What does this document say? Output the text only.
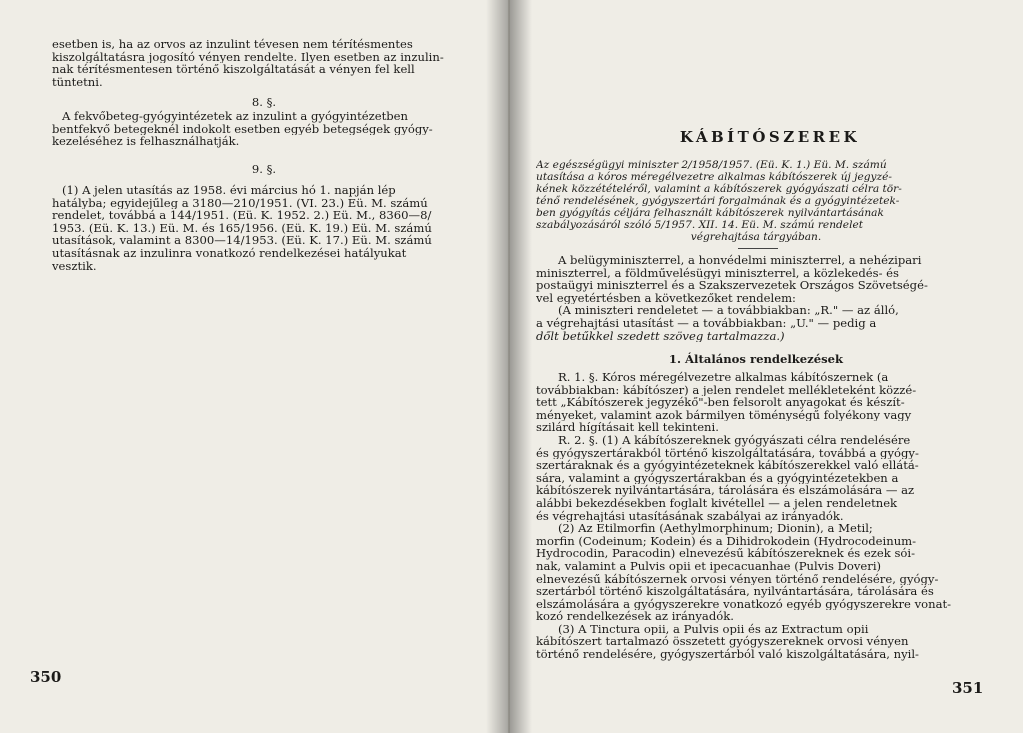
esetben is, ha az orvos az inzulint tévesen nem térítésmentes
kiszolgáltatásra jogosító vényen rendelte. Ilyen esetben az inzulin-
nak térítésmentesen történő kiszolgáltatását a vényen fel kell
tüntetni.
8. §.
A fekvőbeteg-gyógyintézetek az inzulint a gyógyintézetben
bentfekvő betegeknél indokolt esetben egyéb betegségek gyógy-
kezeléséhez is felhasználhatják.
9. §.
(1) A jelen utasítás az 1958. évi március hó 1. napján lép
hatályba; egyidejűleg a 3180—210/1951. (VI. 23.) Eü. M. számú
rendelet, továbbá a 144/1951. (Eü. K. 1952. 2.) Eü. M., 8360—8/
1953. (Eü. K. 13.) Eü. M. és 165/1956. (Eü. K. 19.) Eü. M. számú
utasítások, valamint a 8300—14/1953. (Eü. K. 17.) Eü. M. számú
utasításnak az inzulinra vonatkozó rendelkezései hatályukat
vesztik.
350
KÁBÍTÓSZEREK
Az egészségügyi miniszter 2/1958/1957. (Eü. K. 1.) Eü. M. számú
utasítása a kóros méregélvezetre alkalmas kábítószerek új jegyzé-
kének közzétételéről, valamint a kábítószerek gyógyászati célra tör-
ténő rendelésének, gyógyszertári forgalmának és a gyógyintézetek-
ben gyógyítás céljára felhasznált kábítószerek nyilvántartásának
szabályozásáról szóló 5/1957. XII. 14. Eü. M. számú rendelet
végrehajtása tárgyában.
A belügyminiszterrel, a honvédelmi miniszterrel, a nehézipari
miniszterrel, a földművelésügyi miniszterrel, a közlekedés- és
postaügyi miniszterrel és a Szakszervezetek Országos Szövetségé-
vel egyetértésben a következőket rendelem:
(A miniszteri rendeletet — a továbbiakban: „R." — az álló,
a végrehajtási utasítást — a továbbiakban: „U." — pedig a
dőlt betűkkel szedett szöveg tartalmazza.)
1. Általános rendelkezések
R. 1. §. Kóros méregélvezetre alkalmas kábítószernek (a
továbbiakban: kábítószer) a jelen rendelet mellékleteként közzé-
tett „Kábítószerek jegyzékő"-ben felsorolt anyagokat és készít-
ményeket, valamint azok bármilyen töménységű folyékony vagy
szilárd hígításait kell tekinteni.
R. 2. §. (1) A kábítószereknek gyógyászati célra rendelésére
és gyógyszertárakból történő kiszolgáltatására, továbbá a gyógy-
szertáraknak és a gyógyintézeteknek kábítószerekkel való ellátá-
sára, valamint a gyógyszertárakban és a gyógyintézetekben a
kábítószerek nyilvántartására, tárolására és elszámolására — az
alábbi bekezdésekben foglalt kivétellel — a jelen rendeletnek
és végrehajtási utasításának szabályai az irányadók.
(2) Az Etilmorfin (Aethylmorphinum; Dionin), a Metil;
morfin (Codeinum; Kodein) és a Dihidrokodein (Hydrocodeinum-
Hydrocodin, Paracodin) elnevezésű kábítószereknek és ezek sói-
nak, valamint a Pulvis opii et ipecacuanhae (Pulvis Doveri)
elnevezésű kábítószernek orvosi vényen történő rendelésére, gyógy-
szertárból történő kiszolgáltatására, nyilvántartására, tárolására és
elszámolására a gyógyszerekre vonatkozó egyéb gyógyszerekre vonat-
kozó rendelkezések az irányadók.
(3) A Tinctura opii, a Pulvis opii és az Extractum opii
kábítószert tartalmazó összetett gyógyszereknek orvosi vényen
történő rendelésére, gyógyszertárból való kiszolgáltatására, nyil-
351
